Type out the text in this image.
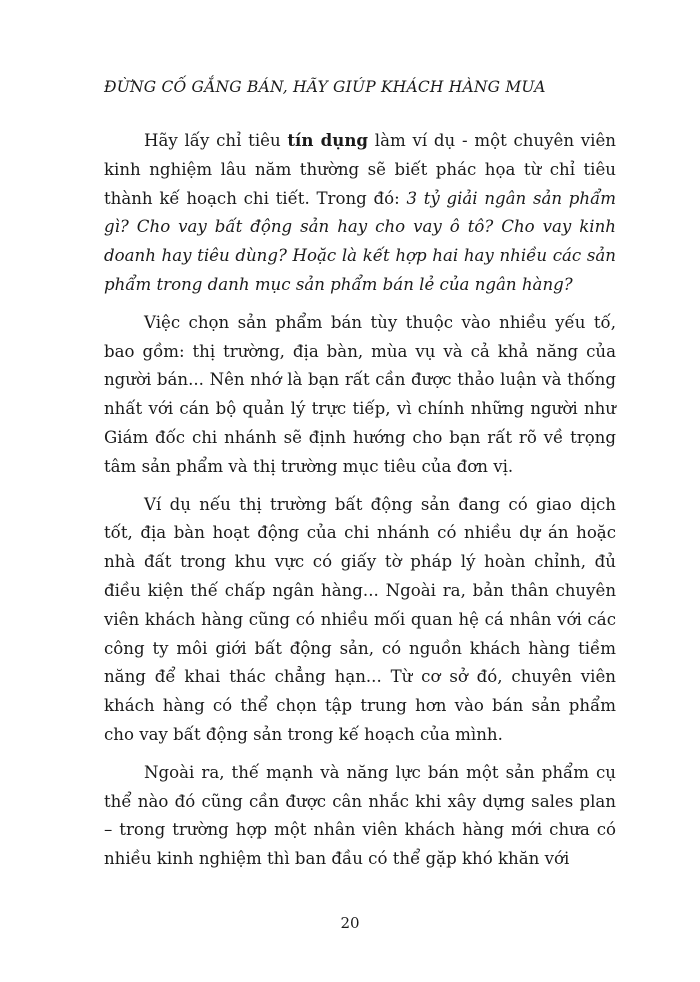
ĐỪNG CỐ GẮNG BÁN, HÃY GIÚP KHÁCH HÀNG MUA

Hãy lấy chỉ tiêu tín dụng làm ví dụ - một chuyên viên kinh nghiệm lâu năm thường sẽ biết phác họa từ chỉ tiêu thành kế hoạch chi tiết. Trong đó: 3 tỷ giải ngân sản phẩm gì? Cho vay bất động sản hay cho vay ô tô? Cho vay kinh doanh hay tiêu dùng? Hoặc là kết hợp hai hay nhiều các sản phẩm trong danh mục sản phẩm bán lẻ của ngân hàng?

Việc chọn sản phẩm bán tùy thuộc vào nhiều yếu tố, bao gồm: thị trường, địa bàn, mùa vụ và cả khả năng của người bán... Nên nhớ là bạn rất cần được thảo luận và thống nhất với cán bộ quản lý trực tiếp, vì chính những người như Giám đốc chi nhánh sẽ định hướng cho bạn rất rõ về trọng tâm sản phẩm và thị trường mục tiêu của đơn vị.

Ví dụ nếu thị trường bất động sản đang có giao dịch tốt, địa bàn hoạt động của chi nhánh có nhiều dự án hoặc nhà đất trong khu vực có giấy tờ pháp lý hoàn chỉnh, đủ điều kiện thế chấp ngân hàng... Ngoài ra, bản thân chuyên viên khách hàng cũng có nhiều mối quan hệ cá nhân với các công ty môi giới bất động sản, có nguồn khách hàng tiềm năng để khai thác chẳng hạn... Từ cơ sở đó, chuyên viên khách hàng có thể chọn tập trung hơn vào bán sản phẩm cho vay bất động sản trong kế hoạch của mình.

Ngoài ra, thế mạnh và năng lực bán một sản phẩm cụ thể nào đó cũng cần được cân nhắc khi xây dựng sales plan – trong trường hợp một nhân viên khách hàng mới chưa có nhiều kinh nghiệm thì ban đầu có thể gặp khó khăn với

20
